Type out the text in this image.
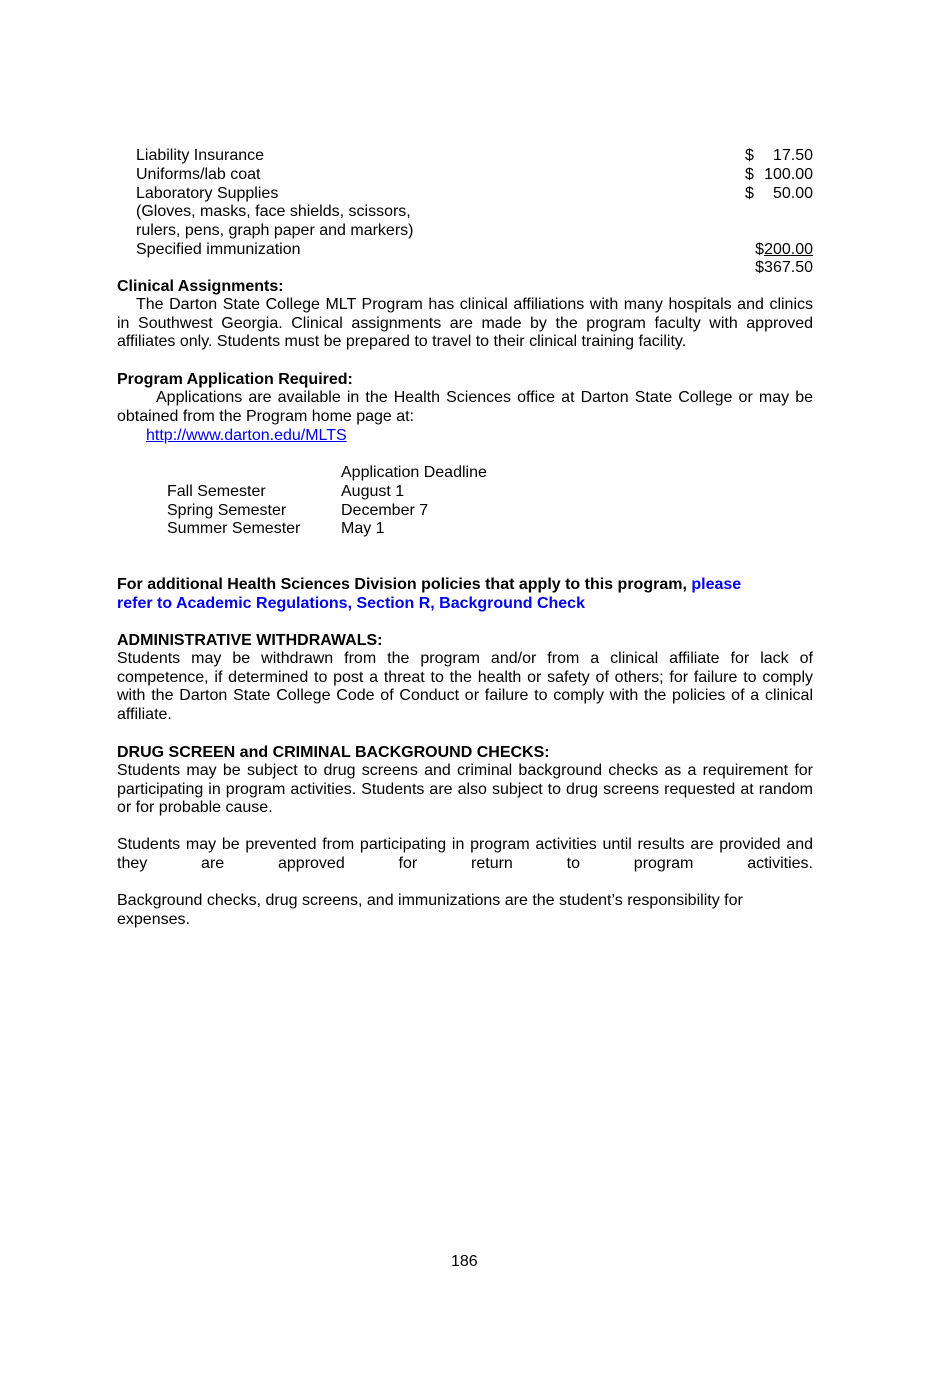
Liability Insurance	$	17.50
Uniforms/lab coat	$ 100.00
Laboratory Supplies	$	50.00
(Gloves, masks, face shields, scissors,
rulers, pens, graph paper and markers)
Specified immunization	$200.00
$367.50
Clinical Assignments:
The Darton State College MLT Program has clinical affiliations with many hospitals and clinics in Southwest Georgia. Clinical assignments are made by the program faculty with approved affiliates only. Students must be prepared to travel to their clinical training facility.
Program Application Required:
Applications are available in the Health Sciences office at Darton State College or may be obtained from the Program home page at:
http://www.darton.edu/MLTS
Application Deadline
Fall Semester	August 1
Spring Semester	December 7
Summer Semester	May 1
For additional Health Sciences Division policies that apply to this program, please
refer to Academic Regulations, Section R, Background Check
ADMINISTRATIVE WITHDRAWALS:
Students may be withdrawn from the program and/or from a clinical affiliate for lack of competence, if determined to post a threat to the health or safety of others; for failure to comply with the Darton State College Code of Conduct or failure to comply with the policies of a clinical affiliate.
DRUG SCREEN and CRIMINAL BACKGROUND CHECKS:
Students may be subject to drug screens and criminal background checks as a requirement for participating in program activities. Students are also subject to drug screens requested at random or for probable cause.
Students may be prevented from participating in program activities until results are provided and they are approved for return to program activities.
Background checks, drug screens, and immunizations are the student’s responsibility for expenses.
186
